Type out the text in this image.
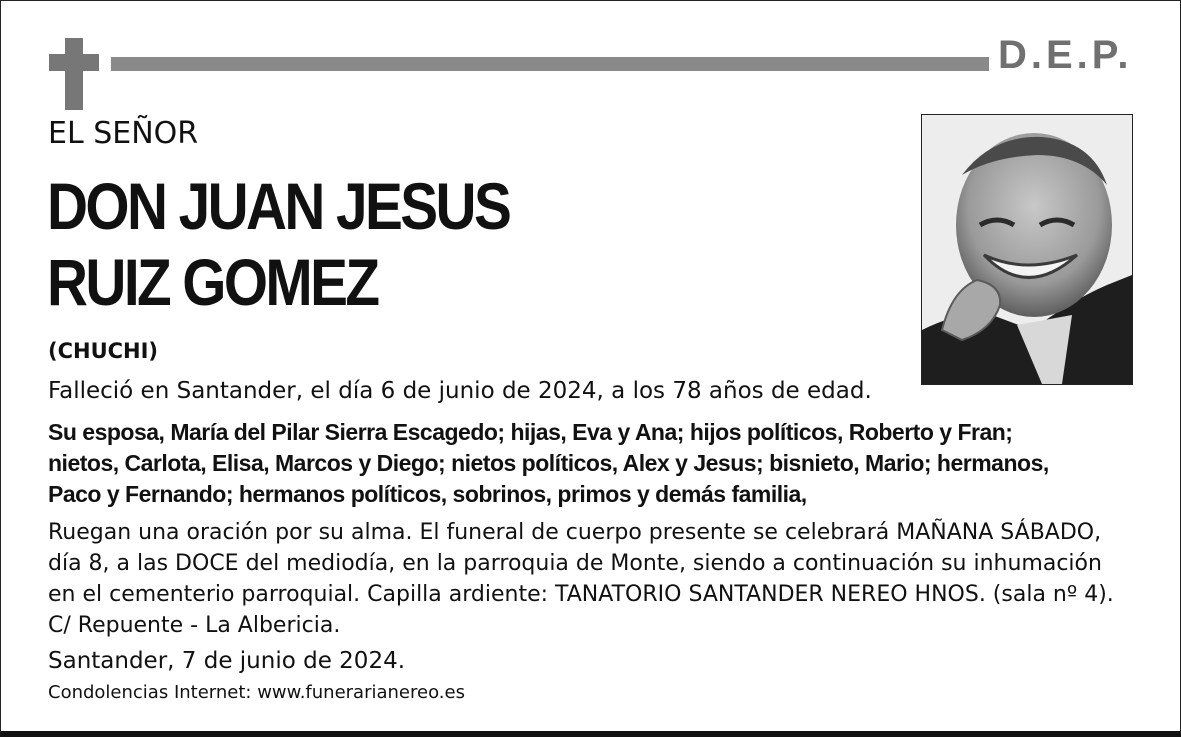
D.E.P.
EL SEÑOR
DON JUAN JESUS
RUIZ GOMEZ
(CHUCHI)
Falleció en Santander, el día 6 de junio de 2024, a los 78 años de edad.
Su esposa, María del Pilar Sierra Escagedo; hijas, Eva y Ana; hijos políticos, Roberto y Fran;
nietos, Carlota, Elisa, Marcos y Diego; nietos políticos, Alex y Jesus; bisnieto, Mario; hermanos,
Paco y Fernando; hermanos políticos, sobrinos, primos y demás familia,
Ruegan una oración por su alma. El funeral de cuerpo presente se celebrará MAÑANA SÁBADO,
día 8, a las DOCE del mediodía, en la parroquia de Monte, siendo a continuación su inhumación
en el cementerio parroquial. Capilla ardiente: TANATORIO SANTANDER NEREO HNOS. (sala nº 4).
C/ Repuente - La Albericia.
Santander, 7 de junio de 2024.
Condolencias Internet: www.funerarianereo.es
